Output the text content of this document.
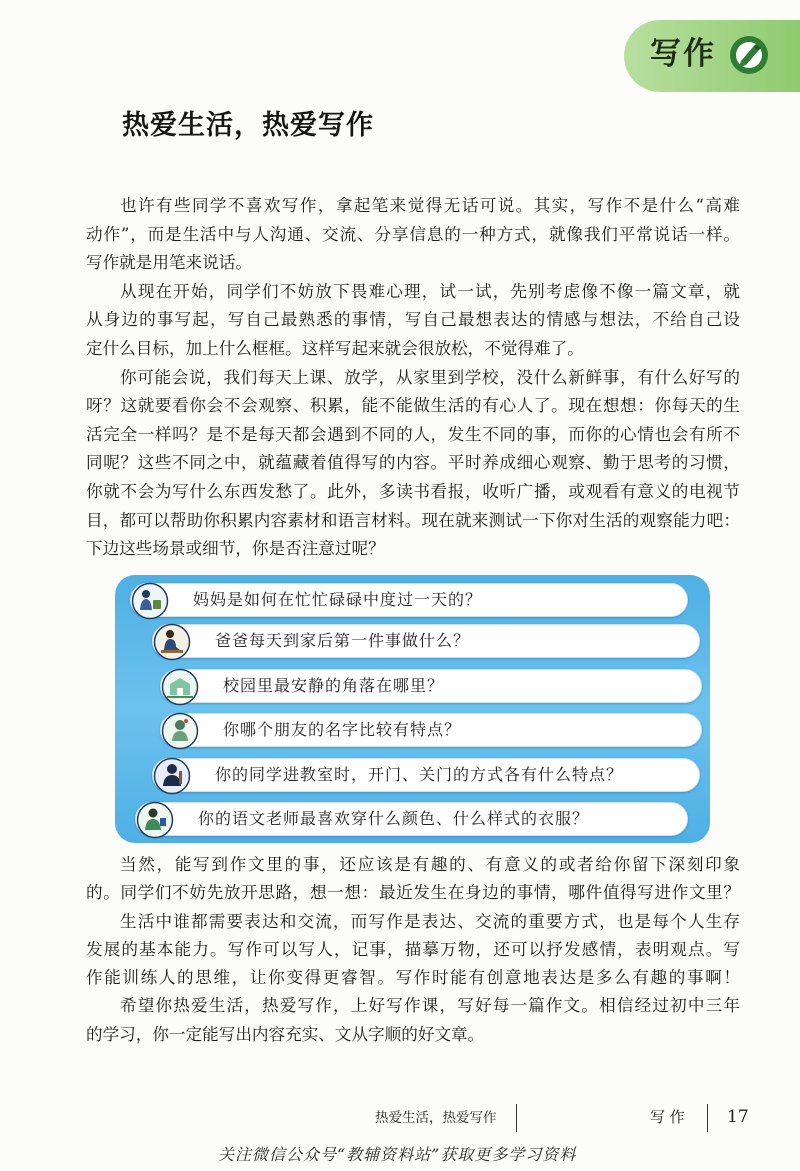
写作
热爱生活，热爱写作
也许有些同学不喜欢写作，拿起笔来觉得无话可说。其实，写作不是什么“高难
动作”，而是生活中与人沟通、交流、分享信息的一种方式，就像我们平常说话一样。
写作就是用笔来说话。
从现在开始，同学们不妨放下畏难心理，试一试，先别考虑像不像一篇文章，就
从身边的事写起，写自己最熟悉的事情，写自己最想表达的情感与想法，不给自己设
定什么目标，加上什么框框。这样写起来就会很放松，不觉得难了。
你可能会说，我们每天上课、放学，从家里到学校，没什么新鲜事，有什么好写的
呀？这就要看你会不会观察、积累，能不能做生活的有心人了。现在想想：你每天的生
活完全一样吗？是不是每天都会遇到不同的人，发生不同的事，而你的心情也会有所不
同呢？这些不同之中，就蕴藏着值得写的内容。平时养成细心观察、勤于思考的习惯，
你就不会为写什么东西发愁了。此外，多读书看报，收听广播，或观看有意义的电视节
目，都可以帮助你积累内容素材和语言材料。现在就来测试一下你对生活的观察能力吧：
下边这些场景或细节，你是否注意过呢？
妈妈是如何在忙忙碌碌中度过一天的？
爸爸每天到家后第一件事做什么？
校园里最安静的角落在哪里？
你哪个朋友的名字比较有特点？
你的同学进教室时，开门、关门的方式各有什么特点？
你的语文老师最喜欢穿什么颜色、什么样式的衣服？
当然，能写到作文里的事，还应该是有趣的、有意义的或者给你留下深刻印象
的。同学们不妨先放开思路，想一想：最近发生在身边的事情，哪件值得写进作文里？
生活中谁都需要表达和交流，而写作是表达、交流的重要方式，也是每个人生存
发展的基本能力。写作可以写人，记事，描摹万物，还可以抒发感情，表明观点。写
作能训练人的思维，让你变得更睿智。写作时能有创意地表达是多么有趣的事啊！
希望你热爱生活，热爱写作，上好写作课，写好每一篇作文。相信经过初中三年
的学习，你一定能写出内容充实、文从字顺的好文章。
热爱生活，热爱写作	写 作 17
关注微信公众号“教辅资料站”获取更多学习资料
